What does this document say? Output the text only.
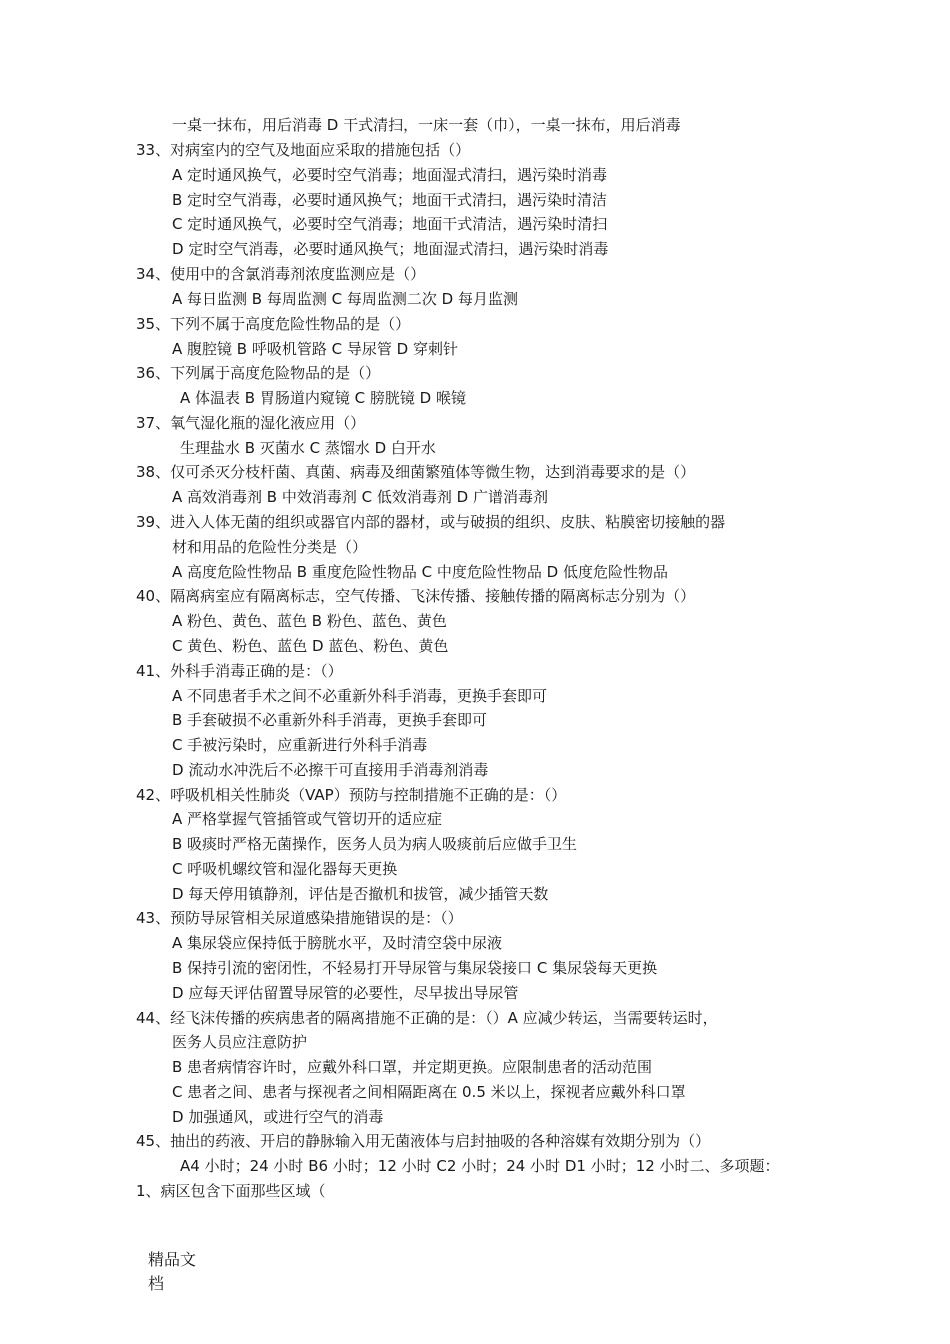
一桌一抹布，用后消毒 D 干式清扫，一床一套（巾），一桌一抹布，用后消毒
33、对病室内的空气及地面应采取的措施包括（）
A 定时通风换气，必要时空气消毒；地面湿式清扫，遇污染时消毒
B 定时空气消毒，必要时通风换气；地面干式清扫，遇污染时清洁
C 定时通风换气，必要时空气消毒；地面干式清洁，遇污染时清扫
D 定时空气消毒，必要时通风换气；地面湿式清扫，遇污染时消毒
34、使用中的含氯消毒剂浓度监测应是（）
A 每日监测 B 每周监测 C 每周监测二次 D 每月监测
35、下列不属于高度危险性物品的是（）
A 腹腔镜 B 呼吸机管路 C 导尿管 D 穿刺针
36、下列属于高度危险物品的是（）
A 体温表 B 胃肠道内窥镜 C 膀胱镜 D 喉镜
37、氧气湿化瓶的湿化液应用（）
生理盐水 B 灭菌水 C 蒸馏水 D 白开水
38、仅可杀灭分枝杆菌、真菌、病毒及细菌繁殖体等微生物，达到消毒要求的是（）
A 高效消毒剂 B 中效消毒剂 C 低效消毒剂 D 广谱消毒剂
39、进入人体无菌的组织或器官内部的器材，或与破损的组织、皮肤、粘膜密切接触的器
材和用品的危险性分类是（）
A 高度危险性物品 B 重度危险性物品 C 中度危险性物品 D 低度危险性物品
40、隔离病室应有隔离标志，空气传播、飞沫传播、接触传播的隔离标志分别为（）
A 粉色、黄色、蓝色 B 粉色、蓝色、黄色
C 黄色、粉色、蓝色 D 蓝色、粉色、黄色
41、外科手消毒正确的是：（）
A 不同患者手术之间不必重新外科手消毒，更换手套即可
B 手套破损不必重新外科手消毒，更换手套即可
C 手被污染时，应重新进行外科手消毒
D 流动水冲洗后不必擦干可直接用手消毒剂消毒
42、呼吸机相关性肺炎（VAP）预防与控制措施不正确的是：（）
A 严格掌握气管插管或气管切开的适应症
B 吸痰时严格无菌操作，医务人员为病人吸痰前后应做手卫生
C 呼吸机螺纹管和湿化器每天更换
D 每天停用镇静剂，评估是否撤机和拔管，减少插管天数
43、预防导尿管相关尿道感染措施错误的是：（）
A 集尿袋应保持低于膀胱水平，及时清空袋中尿液
B 保持引流的密闭性，不轻易打开导尿管与集尿袋接口 C 集尿袋每天更换
D 应每天评估留置导尿管的必要性，尽早拔出导尿管
44、经飞沫传播的疾病患者的隔离措施不正确的是：（）A 应减少转运，当需要转运时，
医务人员应注意防护
B 患者病情容许时，应戴外科口罩，并定期更换。应限制患者的活动范围
C 患者之间、患者与探视者之间相隔距离在 0.5 米以上，探视者应戴外科口罩
D 加强通风，或进行空气的消毒
45、抽出的药液、开启的静脉输入用无菌液体与启封抽吸的各种溶媒有效期分别为（）
A4 小时；24 小时 B6 小时；12 小时 C2 小时；24 小时 D1 小时；12 小时二、多项题：
1、病区包含下面那些区域（
精品文
档
